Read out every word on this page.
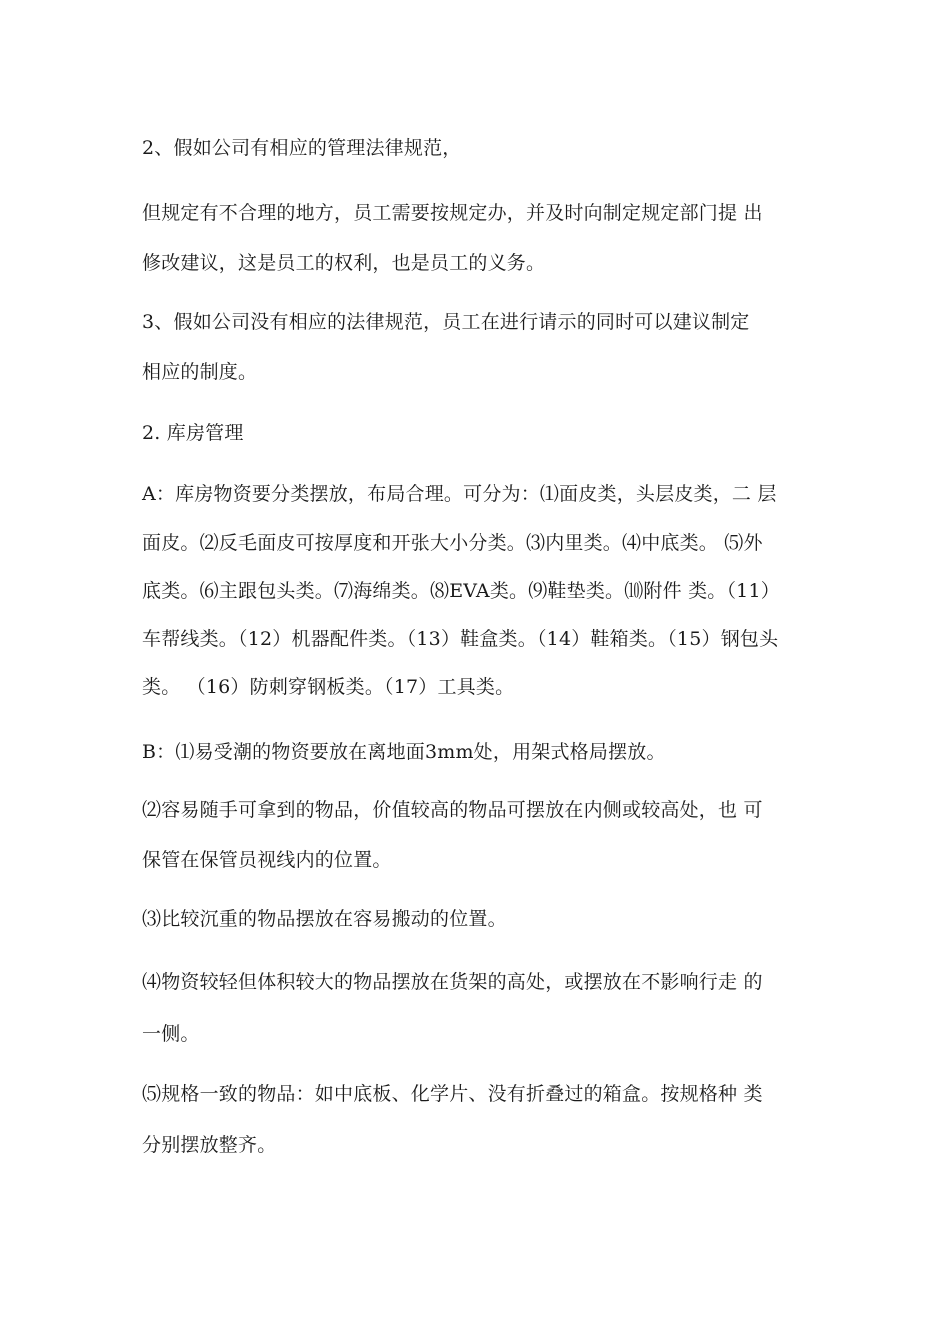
2、假如公司有相应的管理法律规范，
但规定有不合理的地方，员工需要按规定办，并及时向制定规定部门提 出
修改建议，这是员工的权利，也是员工的义务。
3、假如公司没有相应的法律规范，员工在进行请示的同时可以建议制定
相应的制度。
2. 库房管理
A：库房物资要分类摆放，布局合理。可分为：⑴面皮类，头层皮类，二 层
面皮。⑵反毛面皮可按厚度和开张大小分类。⑶内里类。⑷中底类。 ⑸外
底类。⑹主跟包头类。⑺海绵类。⑻EVA类。⑼鞋垫类。⑽附件 类。（11）
车帮线类。（12）机器配件类。（13）鞋盒类。（14）鞋箱类。（15）钢包头
类。 （16）防刺穿钢板类。（17）工具类。
B：⑴易受潮的物资要放在离地面3mm处，用架式格局摆放。
⑵容易随手可拿到的物品，价值较高的物品可摆放在内侧或较高处，也 可
保管在保管员视线内的位置。
⑶比较沉重的物品摆放在容易搬动的位置。
⑷物资较轻但体积较大的物品摆放在货架的高处，或摆放在不影响行走 的
一侧。
⑸规格一致的物品：如中底板、化学片、没有折叠过的箱盒。按规格种 类
分别摆放整齐。
